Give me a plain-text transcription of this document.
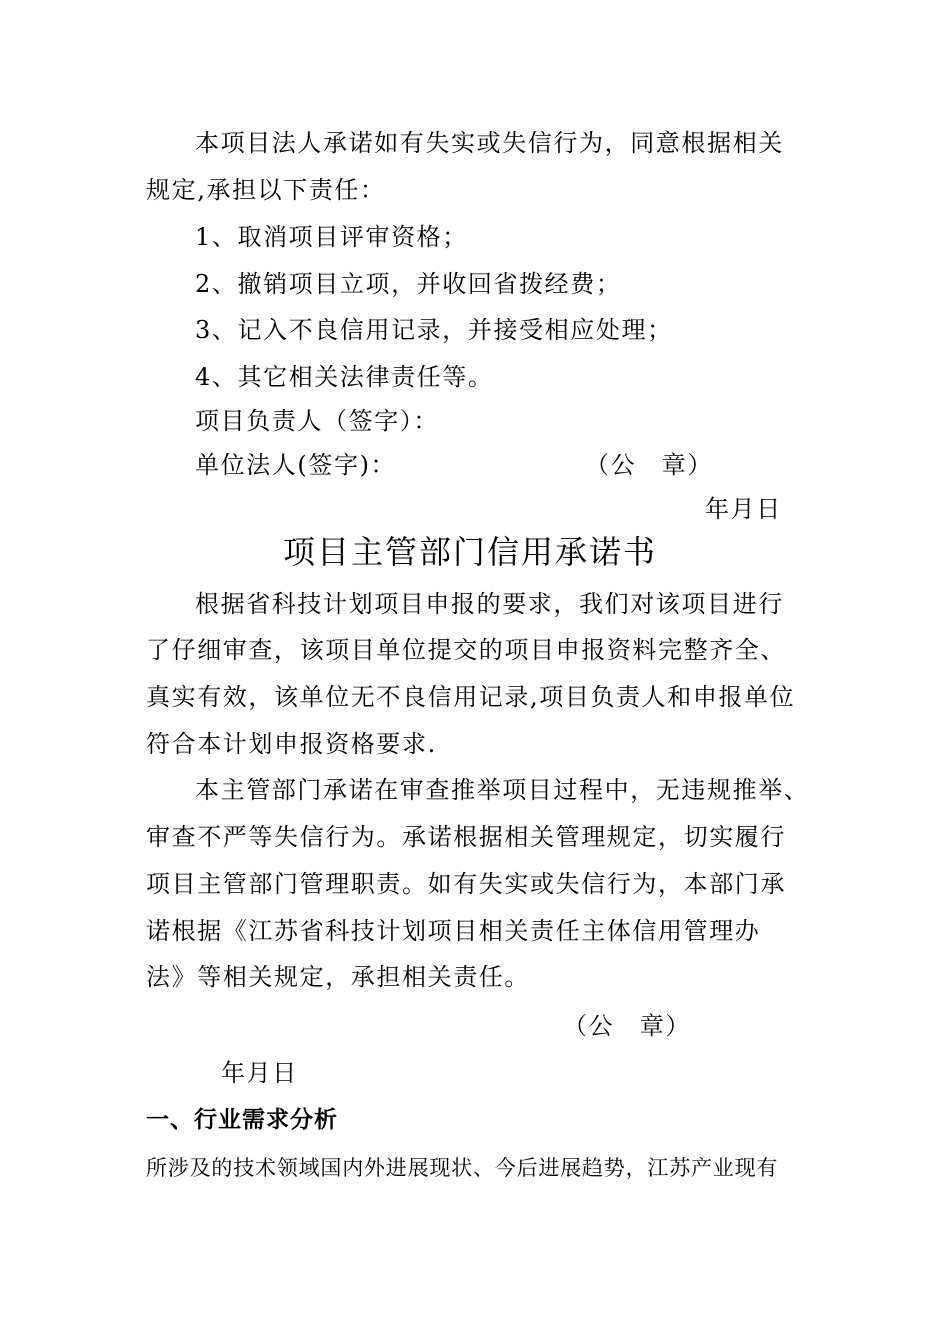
本项目法人承诺如有失实或失信行为，同意根据相关
规定,承担以下责任：
1、取消项目评审资格；
2、撤销项目立项，并收回省拨经费；
3、记入不良信用记录，并接受相应处理；
4、其它相关法律责任等。
项目负责人（签字）：
单位法人(签字)：	（公　章）
年月日
项目主管部门信用承诺书
根据省科技计划项目申报的要求，我们对该项目进行
了仔细审查，该项目单位提交的项目申报资料完整齐全、
真实有效，该单位无不良信用记录,项目负责人和申报单位
符合本计划申报资格要求.
本主管部门承诺在审查推举项目过程中，无违规推举、
审查不严等失信行为。承诺根据相关管理规定，切实履行
项目主管部门管理职责。如有失实或失信行为，本部门承
诺根据《江苏省科技计划项目相关责任主体信用管理办
法》等相关规定，承担相关责任。
（公　章）
年月日
一、行业需求分析
所涉及的技术领域国内外进展现状、今后进展趋势，江苏产业现有
